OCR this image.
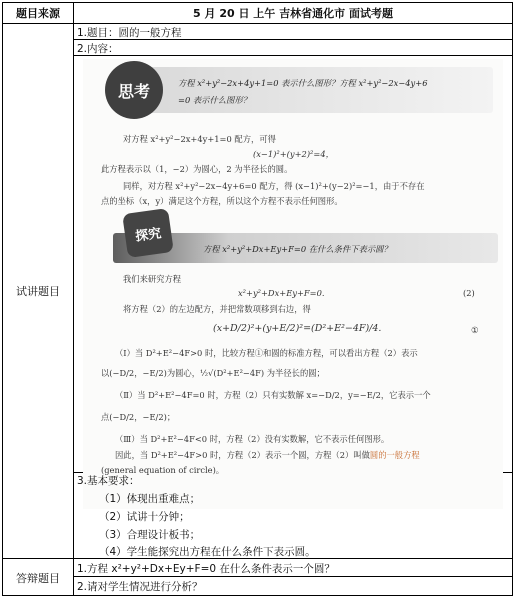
题目来源	5 月 20 日 上午 吉林省通化市 面试考题
试讲题目
1.题目：圆的一般方程
2.内容：
思考	方程 x²+y²−2x+4y+1=0 表示什么图形？方程 x²+y²−2x−4y+6
=0 表示什么图形？
对方程 x²+y²−2x+4y+1=0 配方，可得
(x−1)²+(y+2)²=4，
此方程表示以（1，−2）为圆心，2 为半径长的圆。
同样，对方程 x²+y²−2x−4y+6=0 配方，得 (x−1)²+(y−2)²=−1，由于不存在
点的坐标（x，y）满足这个方程，所以这个方程不表示任何图形。
探究
方程 x²+y²+Dx+Ey+F=0 在什么条件下表示圆？
我们来研究方程
x²+y²+Dx+Ey+F=0.	(2)
将方程（2）的左边配方，并把常数项移到右边，得
(x+D/2)²+(y+E/2)²=(D²+E²−4F)/4.	①
（Ⅰ）当 D²+E²−4F>0 时，比较方程①和圆的标准方程，可以看出方程（2）表示
以(−D/2，−E/2)为圆心，½√(D²+E²−4F) 为半径长的圆；
（Ⅱ）当 D²+E²−4F=0 时，方程（2）只有实数解 x=−D/2，y=−E/2，它表示一个
点(−D/2，−E/2)；
（Ⅲ）当 D²+E²−4F<0 时，方程（2）没有实数解，它不表示任何图形。
因此，当 D²+E²−4F>0 时，方程（2）表示一个圆，方程（2）叫做圆的一般方程
(general equation of circle)。
3.基本要求：
（1）体现出重难点；
（2）试讲十分钟；
（3）合理设计板书；
（4）学生能探究出方程在什么条件下表示圆。
答辩题目
1.方程 x²+y²+Dx+Ey+F=0 在什么条件表示一个圆？
2.请对学生情况进行分析？
